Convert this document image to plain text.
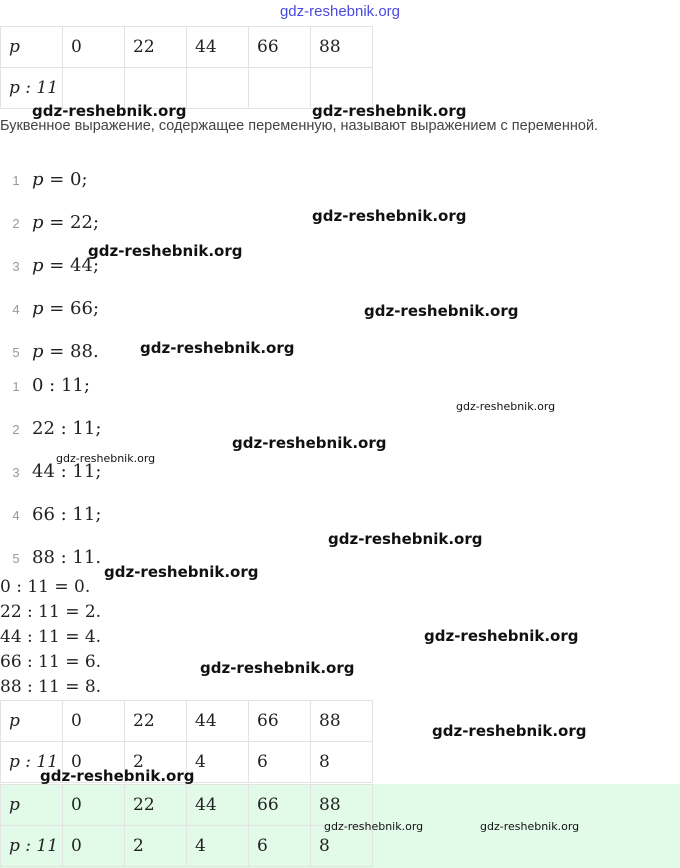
gdz-reshebnik.org
p	0	22	44	66	88
p : 11					
Буквенное выражение, содержащее переменную, называют выражением с переменной.
1 p = 0;
2 p = 22;
3 p = 44;
4 p = 66;
5 p = 88.
1 0 : 11;
2 22 : 11;
3 44 : 11;
4 66 : 11;
5 88 : 11.
0 : 11 = 0.
22 : 11 = 2.
44 : 11 = 4.
66 : 11 = 6.
88 : 11 = 8.
p	0	22	44	66	88
p : 11	0	2	4	6	8
p	0	22	44	66	88
p : 11	0	2	4	6	8
gdz-reshebnik.org	gdz-reshebnik.org
gdz-reshebnik.org
gdz-reshebnik.org
gdz-reshebnik.org
gdz-reshebnik.org
gdz-reshebnik.org
gdz-reshebnik.org
gdz-reshebnik.org
gdz-reshebnik.org
gdz-reshebnik.org
gdz-reshebnik.org
gdz-reshebnik.org
gdz-reshebnik.org
gdz-reshebnik.org
gdz-reshebnik.org	gdz-reshebnik.org
